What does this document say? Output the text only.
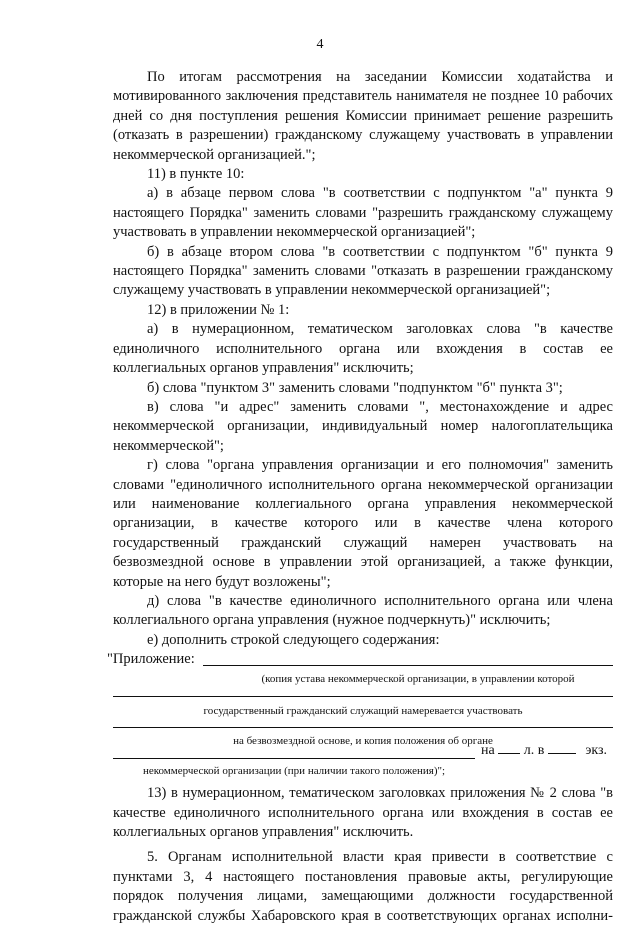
4

По итогам рассмотрения на заседании Комиссии ходатайства и мотивированного заключения представитель нанимателя не позднее 10 рабочих дней со дня поступления решения Комиссии принимает решение разрешить (отказать в разрешении) гражданскому служащему участвовать в управлении некоммерческой организацией.";

11) в пункте 10:

а) в абзаце первом слова "в соответствии с подпунктом "а" пункта 9 настоящего Порядка" заменить словами "разрешить гражданскому служащему участвовать в управлении некоммерческой организацией";

б) в абзаце втором слова "в соответствии с подпунктом "б" пункта 9 настоящего Порядка" заменить словами "отказать в разрешении гражданскому служащему участвовать в управлении некоммерческой организацией";

12) в приложении № 1:

а) в нумерационном, тематическом заголовках слова "в качестве единоличного исполнительного органа или вхождения в состав ее коллегиальных органов управления" исключить;

б) слова "пунктом 3" заменить словами "подпунктом "б" пункта 3";

в) слова "и адрес" заменить словами ", местонахождение и адрес некоммерческой организации, индивидуальный номер налогоплательщика некоммерческой";

г) слова "органа управления организации и его полномочия" заменить словами "единоличного исполнительного органа некоммерческой организации или наименование коллегиального органа управления некоммерческой организации, в качестве которого или в качестве члена которого государственный гражданский служащий намерен участвовать на безвозмездной основе в управлении этой организацией, а также функции, которые на него будут возложены";

д) слова "в качестве единоличного исполнительного органа или члена коллегиального органа управления (нужное подчеркнуть)" исключить;

е) дополнить строкой следующего содержания:

"Приложение:
(копия устава некоммерческой организации, в управлении которой
государственный гражданский служащий намеревается участвовать
на безвозмездной основе, и копия положения об органе
на л. в	экз.
некоммерческой организации (при наличии такого положения)";

13) в нумерационном, тематическом заголовках приложения № 2 слова "в качестве единоличного исполнительного органа или вхождения в состав ее коллегиальных органов управления" исключить.

5. Органам исполнительной власти края привести в соответствие с пунктами 3, 4 настоящего постановления правовые акты, регулирующие порядок получения лицами, замещающими должности государственной гражданской службы Хабаровского края в соответствующих органах исполни-
